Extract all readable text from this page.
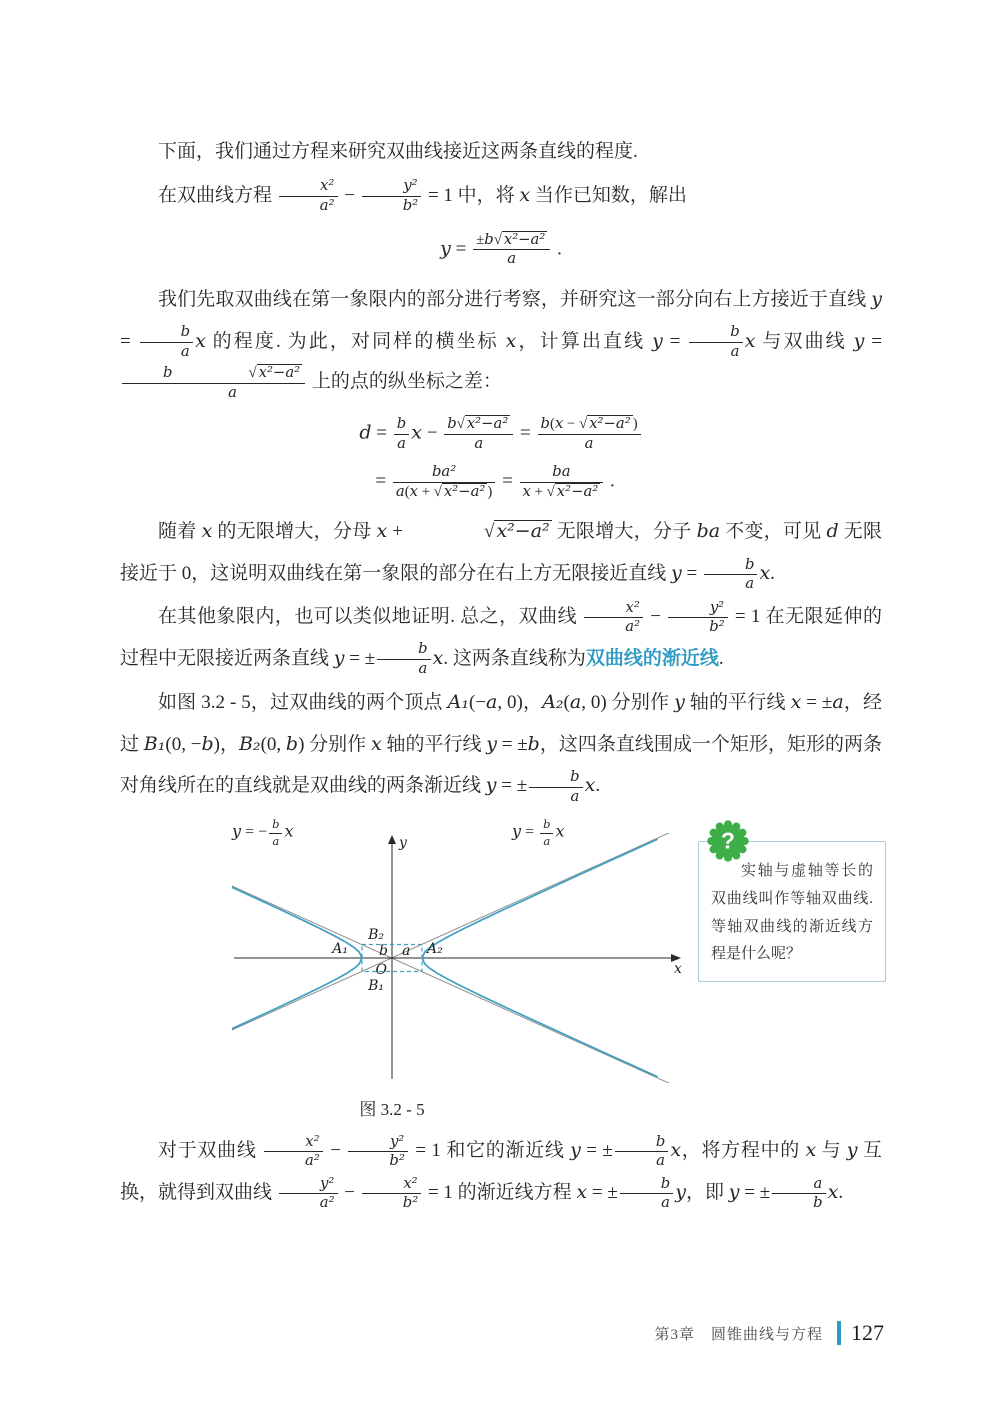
下面，我们通过方程来研究双曲线接近这两条直线的程度.

在双曲线方程 $\frac{\text{x²}}{\text{a²}} - \frac{\text{y²}}{\text{b²}} = 1$ 中，将 x 当作已知数，解出

$y = \frac{\text{±b√ x²−a²}}{a}$ .

我们先取双曲线在第一象限内的部分进行考察，并研究这一部分向右上方接近于直线 $y = \frac{b}{a}$ x 的程度. 为此，对同样的横坐标 x，计算出直线 $y = \frac{b}{a}$ x 与双曲线 y =
b	√ x²−a²
a 上的点的纵坐标之差：

$d = \frac{b}{a}$ $x - \frac{\text{b√ x²−a²}}{a} = \frac{\text{b(x − √ x²−a² )}}{a}$
= $\frac{\text{ba²}}{\text{a(x + √ x²−a² )}} = \frac{ba}{\text{x + √ x²−a²}}$ .

随着 x 的无限增大，分母 x +	√ x²−a² 无限增大，分子 ba 不变，可见 d 无限接近于 0，这说明双曲线在第一象限的部分在右上方无限接近直线 $y = \frac{b}{a} x$.

在其他象限内，也可以类似地证明. 总之，双曲线 $\frac{\text{x²}}{\text{a²}} - \frac{\text{y²}}{\text{b²}} = 1$ 在无限延伸的过程中无限接近两条直线 y = ± $\frac{b}{a} x$. 这两条直线称为双曲线的渐近线.

如图 3.2 - 5，过双曲线的两个顶点 A₁(−a, 0)，A₂(a, 0) 分别作 y 轴的平行线 x = ±a，经过 B₁(0, −b)，B₂(0, b) 分别作 x 轴的平行线 y = ±b，这四条直线围成一个矩形，矩形的两条对角线所在的直线就是双曲线的两条渐近线 y = ± $\frac{b}{a} x$.

y = − $\frac{b}{a}$ x	$y = \frac{b}{a}$ x
x
y
O
a
b
A₁	A₂
B₁
B₂
?

实轴与虚轴等长的双曲线叫作等轴双曲线. 等轴双曲线的渐近线方程是什么呢？

图 3.2 - 5

对于双曲线 $\frac{\text{x²}}{\text{a²}} - \frac{\text{y²}}{\text{b²}} = 1$ 和它的渐近线 y = ± $\frac{b}{a}$ x，将方程中的 x 与 y 互换，就得到双曲线 $\frac{\text{y²}}{\text{a²}} - \frac{\text{x²}}{\text{b²}} = 1$ 的渐近线方程 x = ± $\frac{b}{a}$ y，即 y = ± $\frac{a}{b} x$.

第3章　圆锥曲线与方程 127
